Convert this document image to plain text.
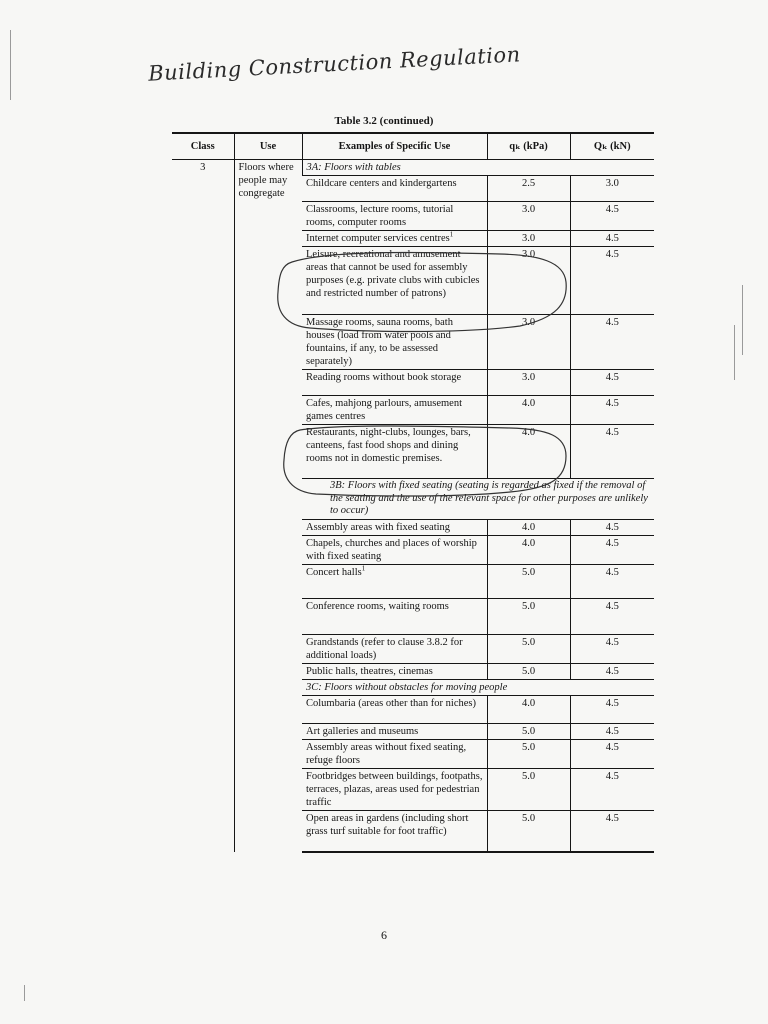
Building Construction Regulation
Table 3.2 (continued)
Class	Use	Examples of Specific Use	qₖ (kPa)	Qₖ (kN)
3	Floors where people may congregate	3A: Floors with tables		
		Childcare centers and kindergartens	2.5	3.0
		Classrooms, lecture rooms, tutorial rooms, computer rooms	3.0	4.5
		Internet computer services centres$^1$	3.0	4.5
		Leisure, recreational and amusement areas that cannot be used for assembly purposes (e.g. private clubs with cubicles and restricted number of patrons)	3.0	4.5
		Massage rooms, sauna rooms, bath houses (load from water pools and fountains, if any, to be assessed separately)	3.0	4.5
		Reading rooms without book storage	3.0	4.5
		Cafes, mahjong parlours, amusement games centres	4.0	4.5
		Restaurants, night-clubs, lounges, bars, canteens, fast food shops and dining rooms not in domestic premises.	4.0	4.5
		3B: Floors with fixed seating (seating is regarded as fixed if the removal of the seating and the use of the relevant space for other purposes are unlikely to occur)		
		Assembly areas with fixed seating	4.0	4.5
		Chapels, churches and places of worship with fixed seating	4.0	4.5
		Concert halls$^1$	5.0	4.5
		Conference rooms, waiting rooms	5.0	4.5
		Grandstands (refer to clause 3.8.2 for additional loads)	5.0	4.5
		Public halls, theatres, cinemas	5.0	4.5
		3C: Floors without obstacles for moving people		
		Columbaria (areas other than for niches)	4.0	4.5
		Art galleries and museums	5.0	4.5
		Assembly areas without fixed seating, refuge floors	5.0	4.5
		Footbridges between buildings, footpaths, terraces, plazas, areas used for pedestrian traffic	5.0	4.5
		Open areas in gardens (including short grass turf suitable for foot traffic)	5.0	4.5
6
